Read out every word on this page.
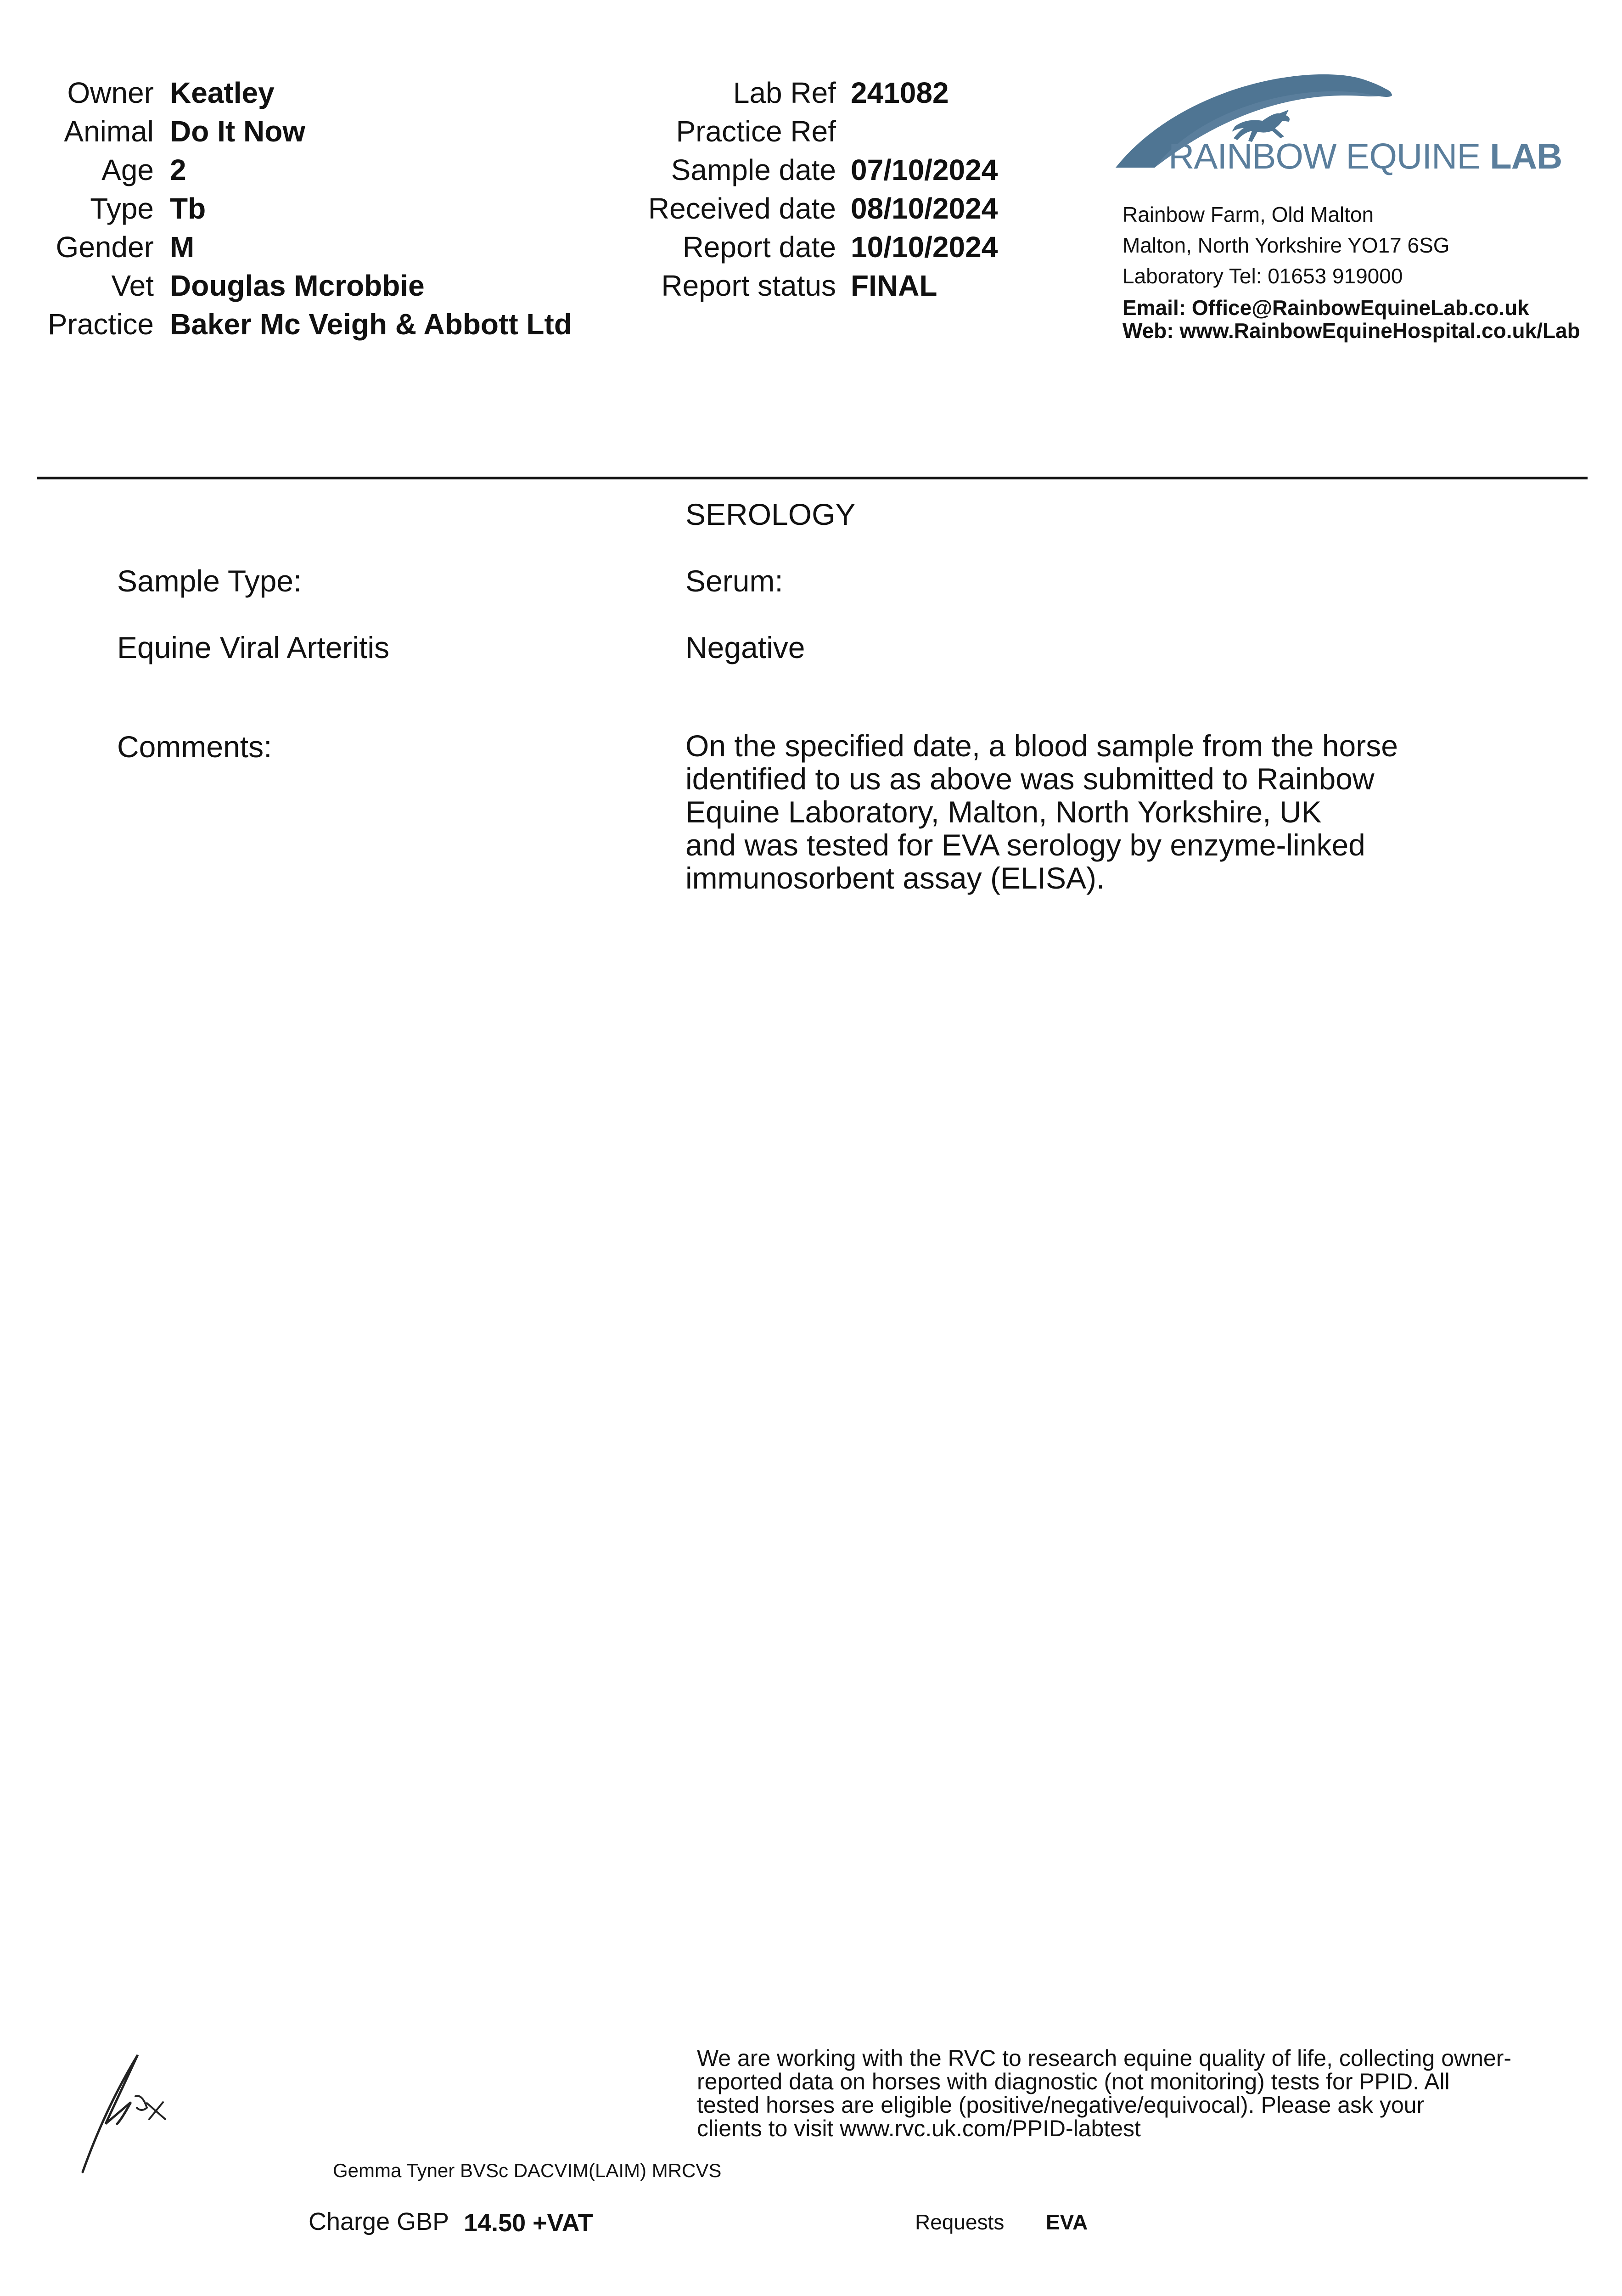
Owner Keatley
Animal Do It Now
Age 2
Type Tb
Gender M
Vet Douglas Mcrobbie
Practice Baker Mc Veigh & Abbott Ltd
Lab Ref 241082
Practice Ref
Sample date 07/10/2024
Received date 08/10/2024
Report date 10/10/2024
Report status FINAL
RAINBOW EQUINE LAB
Rainbow Farm, Old Malton
Malton, North Yorkshire YO17 6SG
Laboratory Tel: 01653 919000
Email: Office@RainbowEquineLab.co.uk
Web: www.RainbowEquineHospital.co.uk/Lab
SEROLOGY
Sample Type:	Serum:
Equine Viral Arteritis	Negative
Comments:	On the specified date, a blood sample from the horse
identified to us as above was submitted to Rainbow
Equine Laboratory, Malton, North Yorkshire, UK
and was tested for EVA serology by enzyme-linked
immunosorbent assay (ELISA).
We are working with the RVC to research equine quality of life, collecting owner-
reported data on horses with diagnostic (not monitoring) tests for PPID. All
tested horses are eligible (positive/negative/equivocal). Please ask your
clients to visit www.rvc.uk.com/PPID-labtest
Gemma Tyner BVSc DACVIM(LAIM) MRCVS
Charge GBP 14.50 +VAT	Requests EVA
